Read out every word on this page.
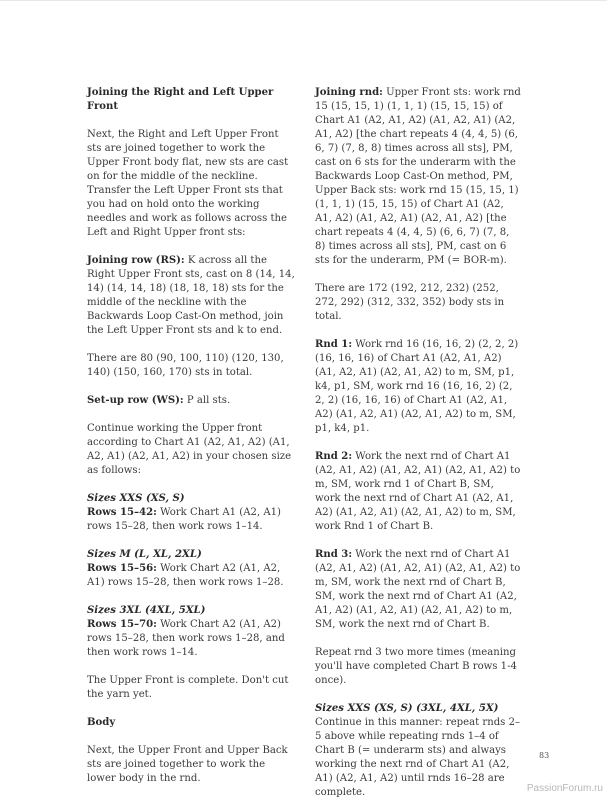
Joining the Right and Left Upper Front

Next, the Right and Left Upper Front sts are joined together to work the Upper Front body flat, new sts are cast on for the middle of the neckline. Transfer the Left Upper Front sts that you had on hold onto the working needles and work as follows across the Left and Right Upper front sts:

Joining row (RS): K across all the Right Upper Front sts, cast on 8 (14, 14, 14) (14, 14, 18) (18, 18, 18) sts for the middle of the neckline with the Backwards Loop Cast-On method, join the Left Upper Front sts and k to end.

There are 80 (90, 100, 110) (120, 130, 140) (150, 160, 170) sts in total.

Set-up row (WS): P all sts.

Continue working the Upper front according to Chart A1 (A2, A1, A2) (A1, A2, A1) (A2, A1, A2) in your chosen size as follows:

Sizes XXS (XS, S)

Rows 15–42: Work Chart A1 (A2, A1) rows 15–28, then work rows 1–14.

Sizes M (L, XL, 2XL)

Rows 15–56: Work Chart A2 (A1, A2, A1) rows 15–28, then work rows 1–28.

Sizes 3XL (4XL, 5XL)

Rows 15–70: Work Chart A2 (A1, A2) rows 15–28, then work rows 1–28, and then work rows 1–14.

The Upper Front is complete. Don't cut the yarn yet.

Body

Next, the Upper Front and Upper Back sts are joined together to work the lower body in the rnd.

Joining rnd: Upper Front sts: work rnd 15 (15, 15, 1) (1, 1, 1) (15, 15, 15) of Chart A1 (A2, A1, A2) (A1, A2, A1) (A2, A1, A2) [the chart repeats 4 (4, 4, 5) (6, 6, 7) (7, 8, 8) times across all sts], PM, cast on 6 sts for the underarm with the Backwards Loop Cast-On method, PM, Upper Back sts: work rnd 15 (15, 15, 1) (1, 1, 1) (15, 15, 15) of Chart A1 (A2, A1, A2) (A1, A2, A1) (A2, A1, A2) [the chart repeats 4 (4, 4, 5) (6, 6, 7) (7, 8, 8) times across all sts], PM, cast on 6 sts for the underarm, PM (= BOR-m).

There are 172 (192, 212, 232) (252, 272, 292) (312, 332, 352) body sts in total.

Rnd 1: Work rnd 16 (16, 16, 2) (2, 2, 2) (16, 16, 16) of Chart A1 (A2, A1, A2) (A1, A2, A1) (A2, A1, A2) to m, SM, p1, k4, p1, SM, work rnd 16 (16, 16, 2) (2, 2, 2) (16, 16, 16) of Chart A1 (A2, A1, A2) (A1, A2, A1) (A2, A1, A2) to m, SM, p1, k4, p1.

Rnd 2: Work the next rnd of Chart A1 (A2, A1, A2) (A1, A2, A1) (A2, A1, A2) to m, SM, work rnd 1 of Chart B, SM, work the next rnd of Chart A1 (A2, A1, A2) (A1, A2, A1) (A2, A1, A2) to m, SM, work Rnd 1 of Chart B.

Rnd 3: Work the next rnd of Chart A1 (A2, A1, A2) (A1, A2, A1) (A2, A1, A2) to m, SM, work the next rnd of Chart B, SM, work the next rnd of Chart A1 (A2, A1, A2) (A1, A2, A1) (A2, A1, A2) to m, SM, work the next rnd of Chart B.

Repeat rnd 3 two more times (meaning you'll have completed Chart B rows 1-4 once).

Sizes XXS (XS, S) (3XL, 4XL, 5X)

Continue in this manner: repeat rnds 2–5 above while repeating rnds 1–4 of Chart B (= underarm sts) and always working the next rnd of Chart A1 (A2, A1) (A2, A1, A2) until rnds 16–28 are complete.

83
PassionForum.ru
